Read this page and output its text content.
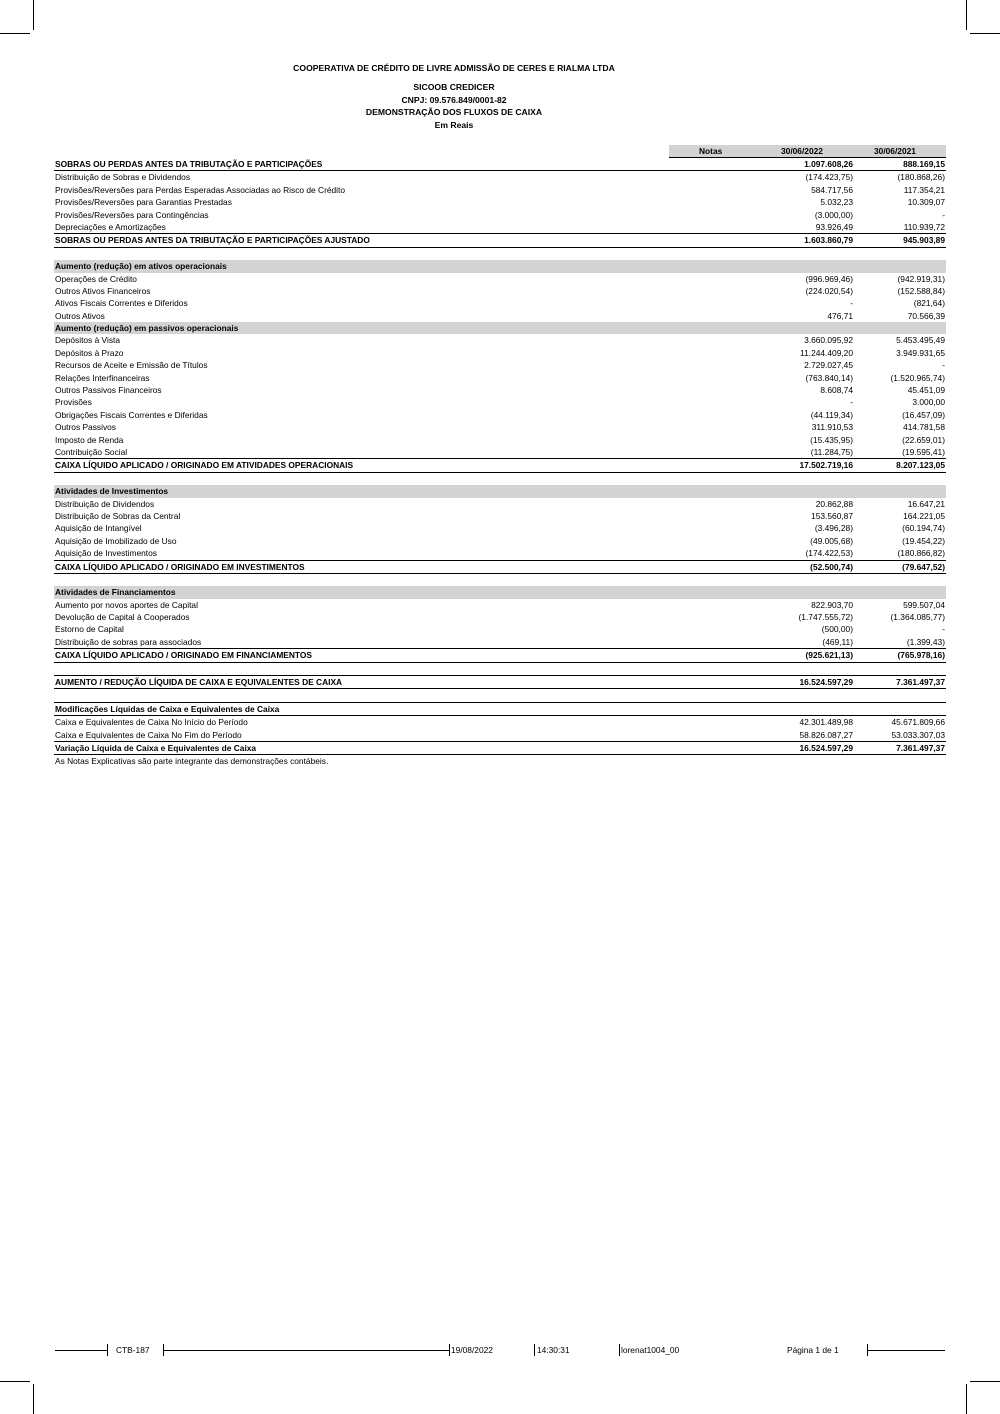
COOPERATIVA DE CRÉDITO DE LIVRE ADMISSÃO DE CERES E RIALMA LTDA
SICOOB CREDICER
CNPJ: 09.576.849/0001-82
DEMONSTRAÇÃO DOS FLUXOS DE CAIXA
Em Reais
Notas	30/06/2022	30/06/2021
SOBRAS OU PERDAS ANTES DA TRIBUTAÇÃO E PARTICIPAÇÕES	1.097.608,26	888.169,15
Distribuição de Sobras e Dividendos	(174.423,75)	(180.868,26)
Provisões/Reversões para Perdas Esperadas Associadas ao Risco de Crédito	584.717,56	117.354,21
Provisões/Reversões para Garantias Prestadas	5.032,23	10.309,07
Provisões/Reversões para Contingências	(3.000,00)	-
Depreciações e Amortizações	93.926,49	110.939,72
SOBRAS OU PERDAS ANTES DA TRIBUTAÇÃO E PARTICIPAÇÕES AJUSTADO	1.603.860,79	945.903,89
Aumento (redução) em ativos operacionais
Operações de Crédito	(996.969,46)	(942.919,31)
Outros Ativos Financeiros	(224.020,54)	(152.588,84)
Ativos Fiscais Correntes e Diferidos	-	(821,64)
Outros Ativos	476,71	70.566,39
Aumento (redução) em passivos operacionais
Depósitos à Vista	3.660.095,92	5.453.495,49
Depósitos à Prazo	11.244.409,20	3.949.931,65
Recursos de Aceite e Emissão de Títulos	2.729.027,45	-
Relações Interfinanceiras	(763.840,14)	(1.520.965,74)
Outros Passivos Financeiros	8.608,74	45.451,09
Provisões	-	3.000,00
Obrigações Fiscais Correntes e Diferidas	(44.119,34)	(16.457,09)
Outros Passivos	311.910,53	414.781,58
Imposto de Renda	(15.435,95)	(22.659,01)
Contribuição Social	(11.284,75)	(19.595,41)
CAIXA LÍQUIDO APLICADO / ORIGINADO EM ATIVIDADES OPERACIONAIS	17.502.719,16	8.207.123,05
Atividades de Investimentos
Distribuição de Dividendos	20.862,88	16.647,21
Distribuição de Sobras da Central	153.560,87	164.221,05
Aquisição de Intangível	(3.496,28)	(60.194,74)
Aquisição de Imobilizado de Uso	(49.005,68)	(19.454,22)
Aquisição de Investimentos	(174.422,53)	(180.866,82)
CAIXA LÍQUIDO APLICADO / ORIGINADO EM INVESTIMENTOS	(52.500,74)	(79.647,52)
Atividades de Financiamentos
Aumento por novos aportes de Capital	822.903,70	599.507,04
Devolução de Capital à Cooperados	(1.747.555,72)	(1.364.085,77)
Estorno de Capital	(500,00)	-
Distribuição de sobras para associados	(469,11)	(1.399,43)
CAIXA LÍQUIDO APLICADO / ORIGINADO EM FINANCIAMENTOS	(925.621,13)	(765.978,16)
AUMENTO / REDUÇÃO LÍQUIDA DE CAIXA E EQUIVALENTES DE CAIXA	16.524.597,29	7.361.497,37
Modificações Líquidas de Caixa e Equivalentes de Caixa
Caixa e Equivalentes de Caixa No Início do Período	42.301.489,98	45.671.809,66
Caixa e Equivalentes de Caixa No Fim do Período	58.826.087,27	53.033.307,03
Variação Líquida de Caixa e Equivalentes de Caixa	16.524.597,29	7.361.497,37
As Notas Explicativas são parte integrante das demonstrações contábeis.
CTB-187	19/08/2022	14:30:31	lorenat1004_00	Página 1 de 1
